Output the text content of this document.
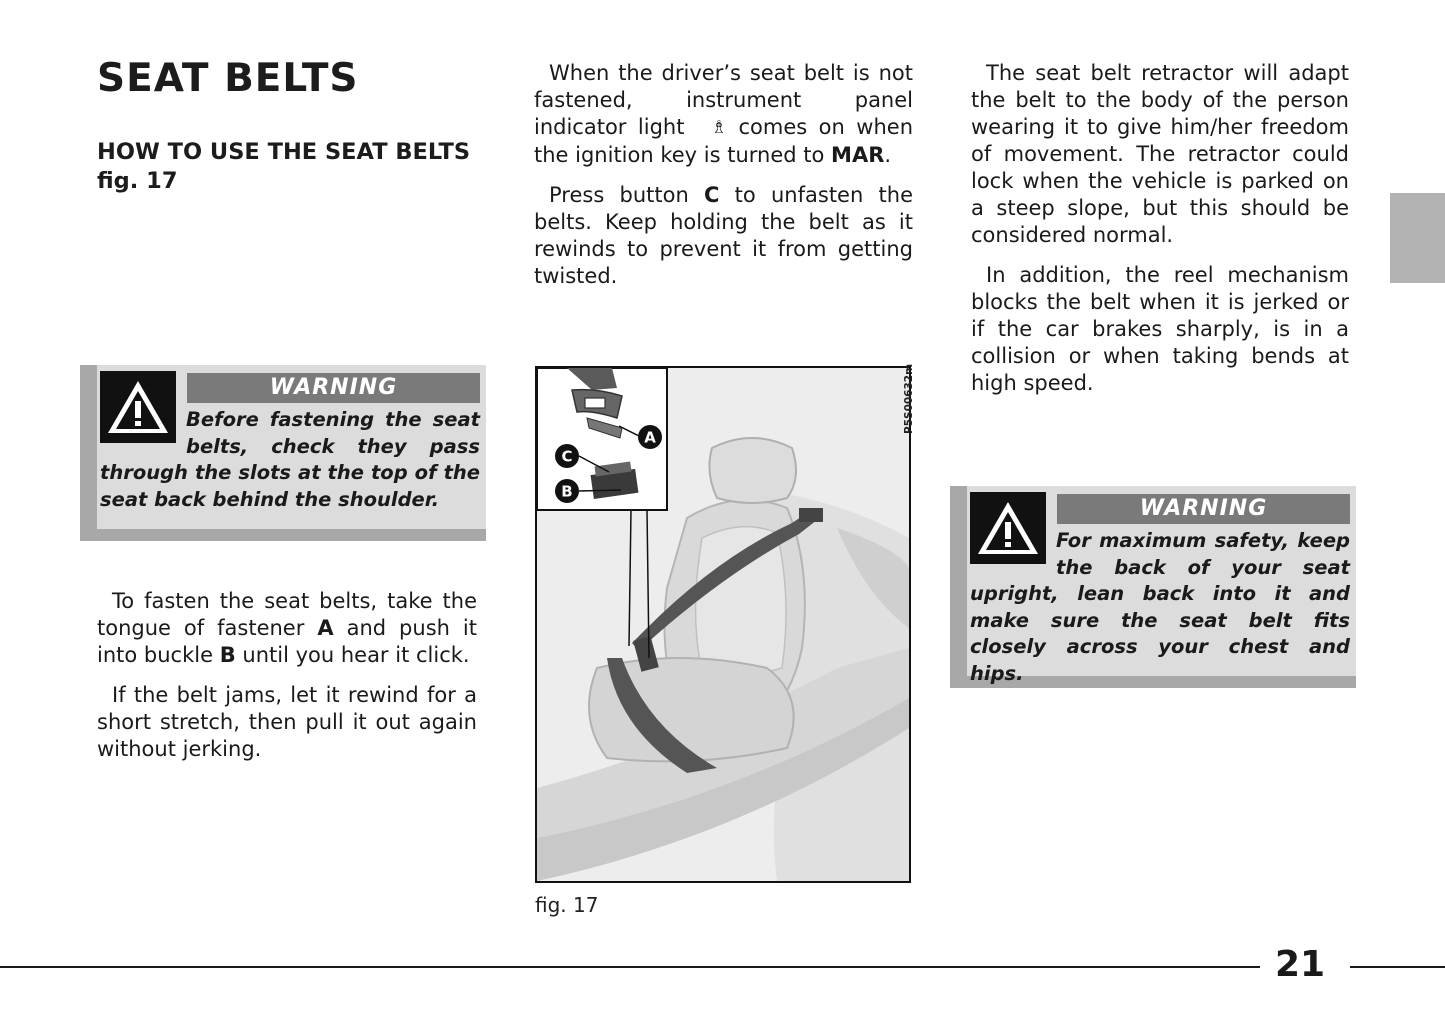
SEAT BELTS
HOW TO USE THE SEAT BELTS fig. 17

To fasten the seat belts, take the tongue of fastener A and push it into buckle B until you hear it click.

If the belt jams, let it rewind for a short stretch, then pull it out again without jerking.

When the driver’s seat belt is not fastened, instrument panel indicator light ♗ comes on when the ignition key is turned to MAR.

Press button C to unfasten the belts. Keep holding the belt as it rewinds to prevent it from getting twisted.

The seat belt retractor will adapt the belt to the body of the person wearing it to give him/her freedom of movement. The retractor could lock when the vehicle is parked on a steep slope, but this should be considered normal.

In addition, the reel mechanism blocks the belt when it is jerked or if the car brakes sharply, is in a collision or when taking bends at high speed.

WARNING
Before fastening the seat belts, check they pass through the slots at the top of the seat back behind the shoulder.	WARNING
For maximum safety, keep the back of your seat upright, lean back into it and make sure the seat belt fits closely across your chest and hips.
A
C
B
P5S00632m
fig. 17
21
